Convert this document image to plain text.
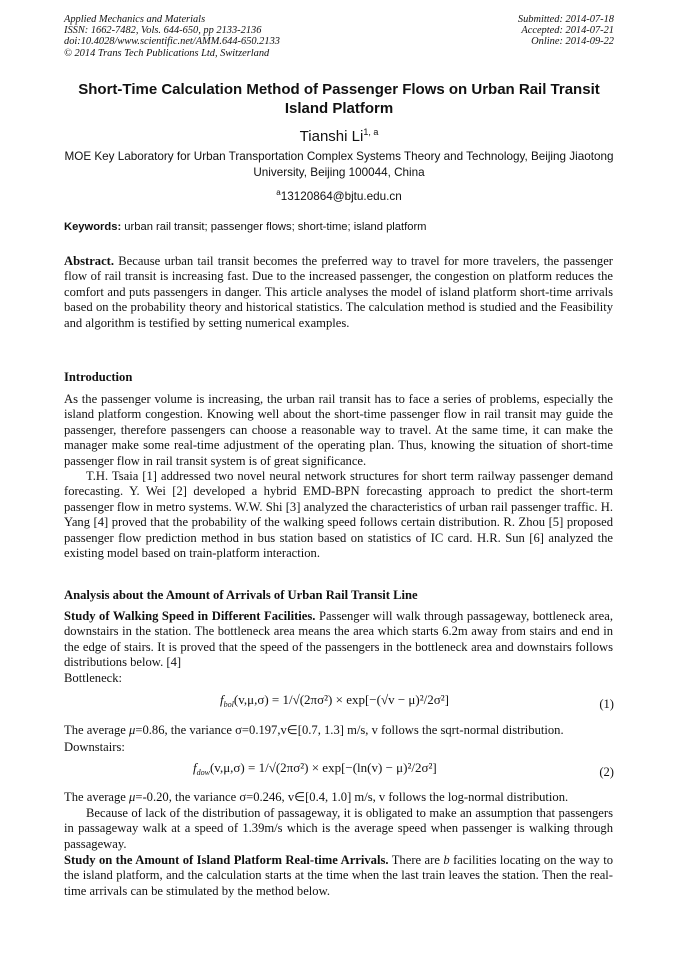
Applied Mechanics and Materials
ISSN: 1662-7482, Vols. 644-650, pp 2133-2136
doi:10.4028/www.scientific.net/AMM.644-650.2133
© 2014 Trans Tech Publications Ltd, Switzerland
Submitted: 2014-07-18
Accepted: 2014-07-21
Online: 2014-09-22
Short-Time Calculation Method of Passenger Flows on Urban Rail Transit Island Platform
Tianshi Li$^{1, a}$
MOE Key Laboratory for Urban Transportation Complex Systems Theory and Technology, Beijing Jiaotong University, Beijing 100044, China
$^a$13120864@bjtu.edu.cn
Keywords: urban rail transit; passenger flows; short-time; island platform

Abstract. Because urban tail transit becomes the preferred way to travel for more travelers, the passenger flow of rail transit is increasing fast. Due to the increased passenger, the congestion on platform reduces the comfort and puts passengers in danger. This article analyses the model of island platform short-time arrivals based on the probability theory and historical statistics. The calculation method is studied and the Feasibility and algorithm is testified by setting numerical examples.

Introduction

As the passenger volume is increasing, the urban rail transit has to face a series of problems, especially the island platform congestion. Knowing well about the short-time passenger flow in rail transit may guide the passenger, therefore passengers can choose a reasonable way to travel. At the same time, it can make the manager make some real-time adjustment of the operating plan. Thus, knowing the situation of short-time passenger flow in rail transit system is of great significance.

T.H. Tsaia [1] addressed two novel neural network structures for short term railway passenger demand forecasting. Y. Wei [2] developed a hybrid EMD-BPN forecasting approach to predict the short-term passenger flow in metro systems. W.W. Shi [3] analyzed the characteristics of urban rail passenger traffic. H. Yang [4] proved that the probability of the walking speed follows certain distribution. R. Zhou [5] proposed passenger flow prediction method in bus station based on statistics of IC card. H.R. Sun [6] analyzed the existing model based on train-platform interaction.

Analysis about the Amount of Arrivals of Urban Rail Transit Line

Study of Walking Speed in Different Facilities. Passenger will walk through passageway, bottleneck area, downstairs in the station. The bottleneck area means the area which starts 6.2m away from stairs and end in the edge of stairs. It is proved that the speed of the passengers in the bottleneck area and downstairs follows distributions below. [4]

Bottleneck:
$f_{bol}(v,\mu,\sigma) = 1/√(2\pi\sigma^2) \times \exp[-(√v - \mu)^2/2\sigma^2]$	(1)

The average μ=0.86, the variance σ=0.197,v∈[0.7, 1.3] m/s, v follows the sqrt-normal distribution.

Downstairs:
$f_{dow}(v,\mu,\sigma) = 1/√(2\pi\sigma^2) \times \exp[-(\ln(v) - \mu)^2/2\sigma^2]$	(2)

The average μ=-0.20, the variance σ=0.246, v∈[0.4, 1.0] m/s, v follows the log-normal distribution.

Because of lack of the distribution of passageway, it is obligated to make an assumption that passengers in passageway walk at a speed of 1.39m/s which is the average speed when passenger is walking through passageway.

Study on the Amount of Island Platform Real-time Arrivals. There are b facilities locating on the way to the island platform, and the calculation starts at the time when the last train leaves the station. Then the real-time arrivals can be stimulated by the method below.
